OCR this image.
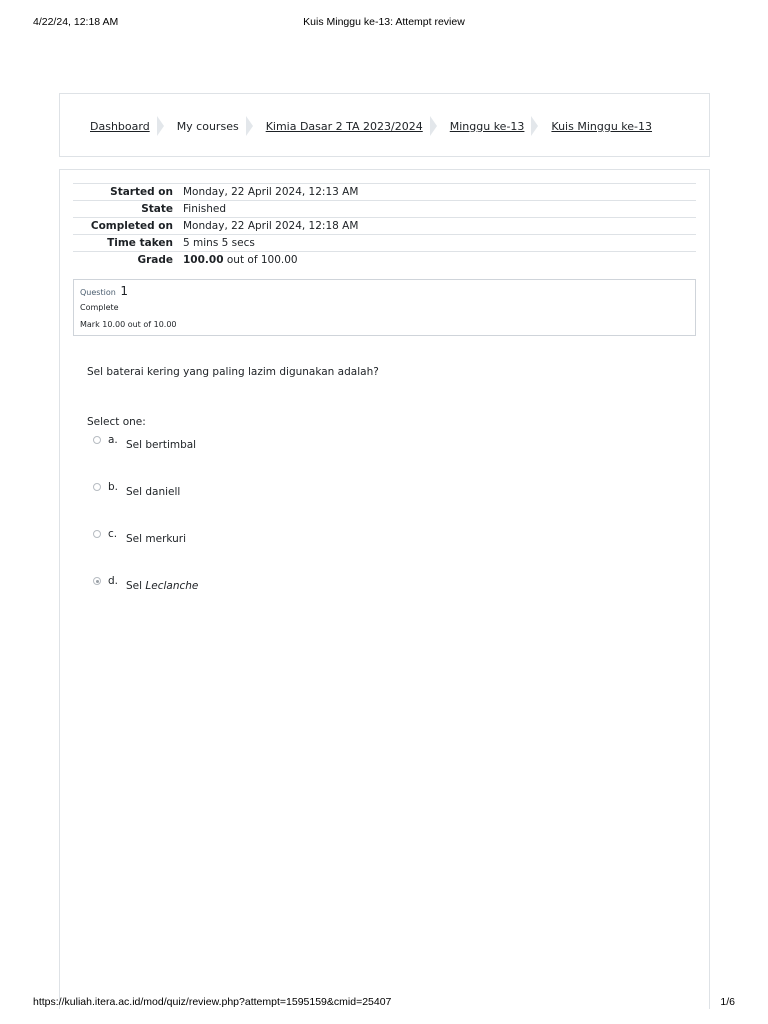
4/22/24, 12:18 AM	Kuis Minggu ke-13: Attempt review
Dashboard My courses Kimia Dasar 2 TA 2023/2024 Minggu ke-13 Kuis Minggu ke-13
Started on	Monday, 22 April 2024, 12:13 AM
State	Finished
Completed on	Monday, 22 April 2024, 12:18 AM
Time taken	5 mins 5 secs
Grade	100.00 out of 100.00
Question 1
Complete
Mark 10.00 out of 10.00
Sel baterai kering yang paling lazim digunakan adalah?
Select one:
a. Sel bertimbal
b. Sel daniell
c. Sel merkuri
d. Sel Leclanche
https://kuliah.itera.ac.id/mod/quiz/review.php?attempt=1595159&cmid=25407	1/6
